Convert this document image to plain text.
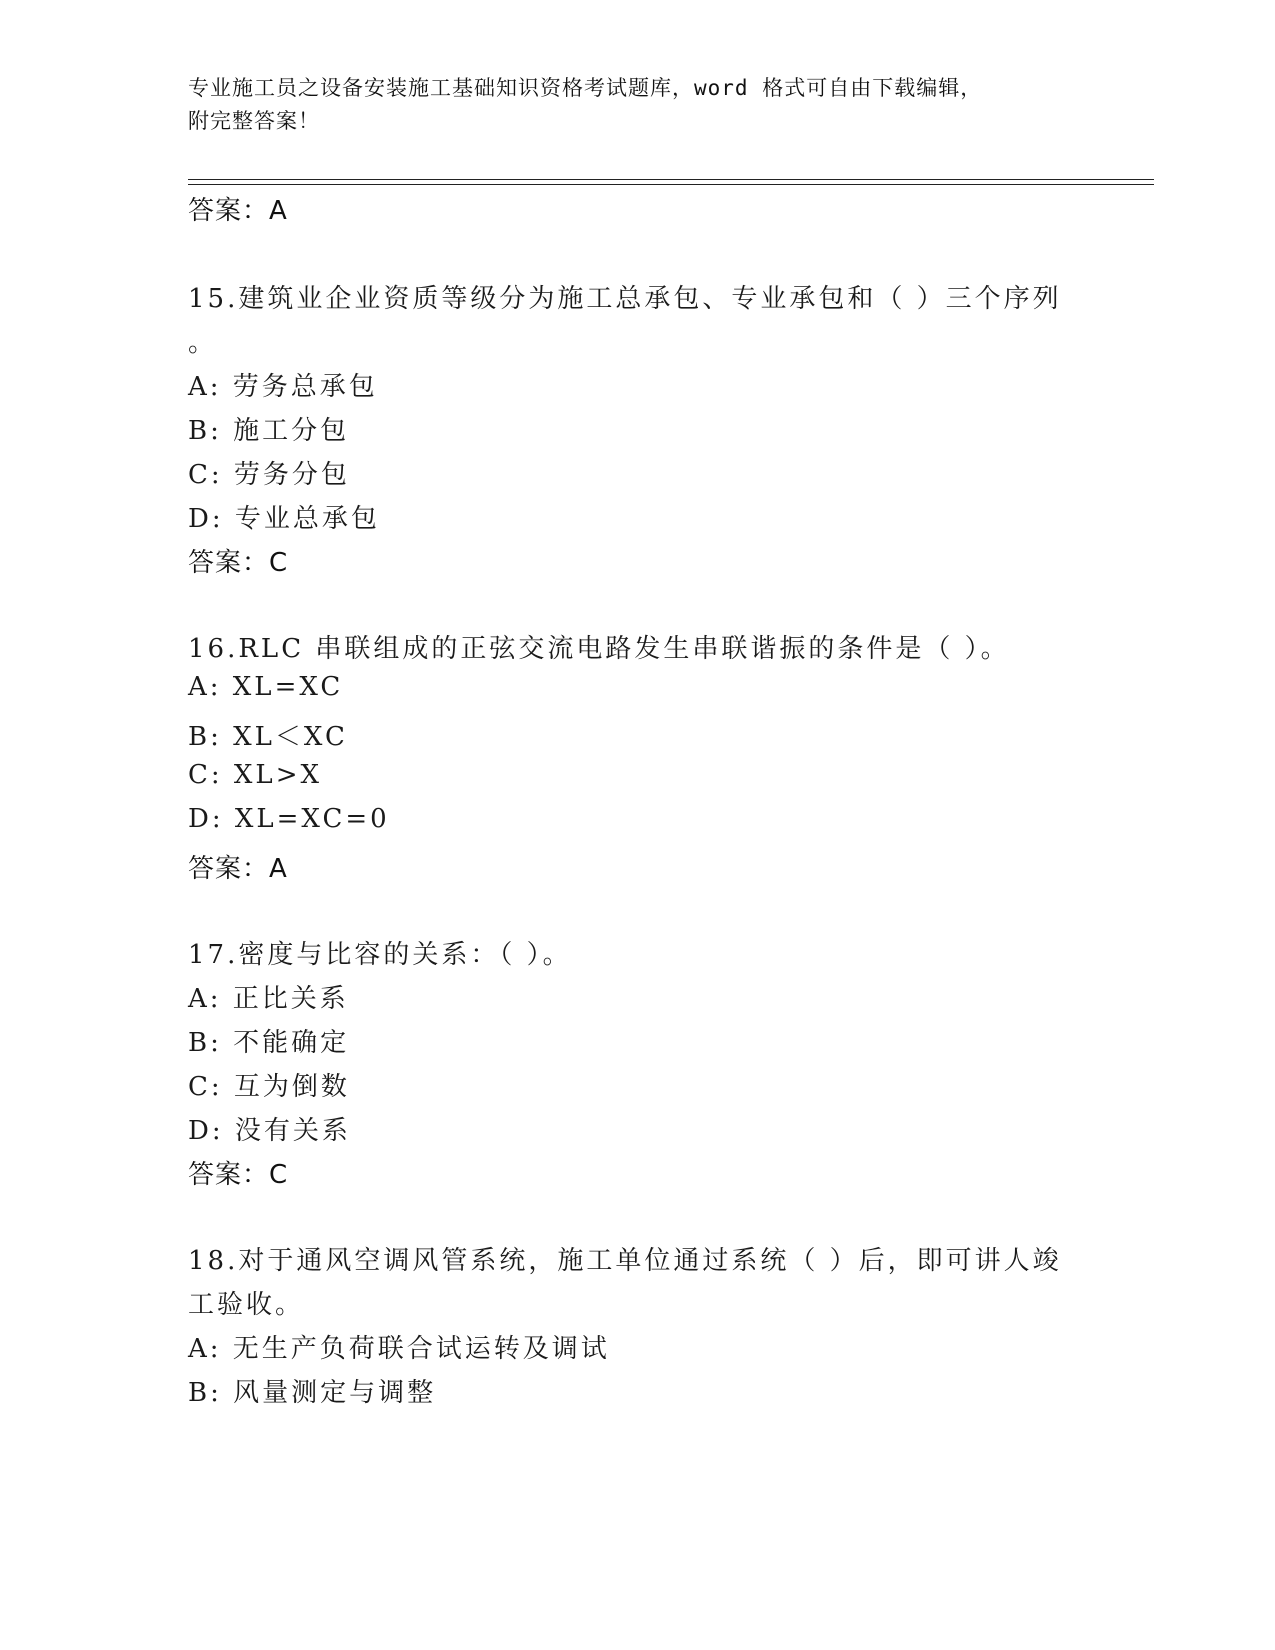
专业施工员之设备安装施工基础知识资格考试题库，word 格式可自由下载编辑，
附完整答案！
答案：A
15.建筑业企业资质等级分为施工总承包、专业承包和（ ）三个序列
。
A: 劳务总承包
B: 施工分包
C: 劳务分包
D: 专业总承包
答案：C
16.RLC 串联组成的正弦交流电路发生串联谐振的条件是（ ）。
A: XL=XC
B: XL＜XC
C: XL>X
D: XL=XC=0
答案：A
17.密度与比容的关系：（ ）。
A: 正比关系
B: 不能确定
C: 互为倒数
D: 没有关系
答案：C
18.对于通风空调风管系统，施工单位通过系统（ ）后，即可讲人竣
工验收。
A: 无生产负荷联合试运转及调试
B: 风量测定与调整
